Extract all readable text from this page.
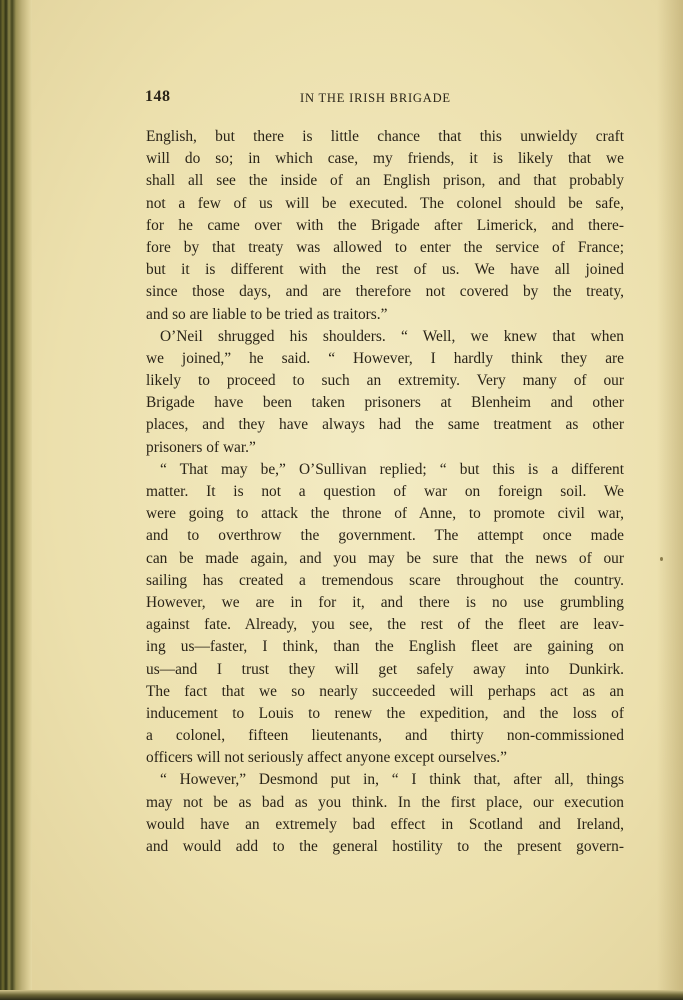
148	IN THE IRISH BRIGADE
English, but there is little chance that this unwieldy craft
will do so; in which case, my friends, it is likely that we
shall all see the inside of an English prison, and that probably
not a few of us will be executed. The colonel should be safe,
for he came over with the Brigade after Limerick, and there-
fore by that treaty was allowed to enter the service of France;
but it is different with the rest of us. We have all joined
since those days, and are therefore not covered by the treaty,
and so are liable to be tried as traitors.”
O’Neil shrugged his shoulders. “ Well, we knew that when
we joined,” he said. “ However, I hardly think they are
likely to proceed to such an extremity. Very many of our
Brigade have been taken prisoners at Blenheim and other
places, and they have always had the same treatment as other
prisoners of war.”
“ That may be,” O’Sullivan replied; “ but this is a different
matter. It is not a question of war on foreign soil. We
were going to attack the throne of Anne, to promote civil war,
and to overthrow the government. The attempt once made
can be made again, and you may be sure that the news of our
sailing has created a tremendous scare throughout the country.
However, we are in for it, and there is no use grumbling
against fate. Already, you see, the rest of the fleet are leav-
ing us—faster, I think, than the English fleet are gaining on
us—and I trust they will get safely away into Dunkirk.
The fact that we so nearly succeeded will perhaps act as an
inducement to Louis to renew the expedition, and the loss of
a colonel, fifteen lieutenants, and thirty non-commissioned
officers will not seriously affect anyone except ourselves.”
“ However,” Desmond put in, “ I think that, after all, things
may not be as bad as you think. In the first place, our execution
would have an extremely bad effect in Scotland and Ireland,
and would add to the general hostility to the present govern-
